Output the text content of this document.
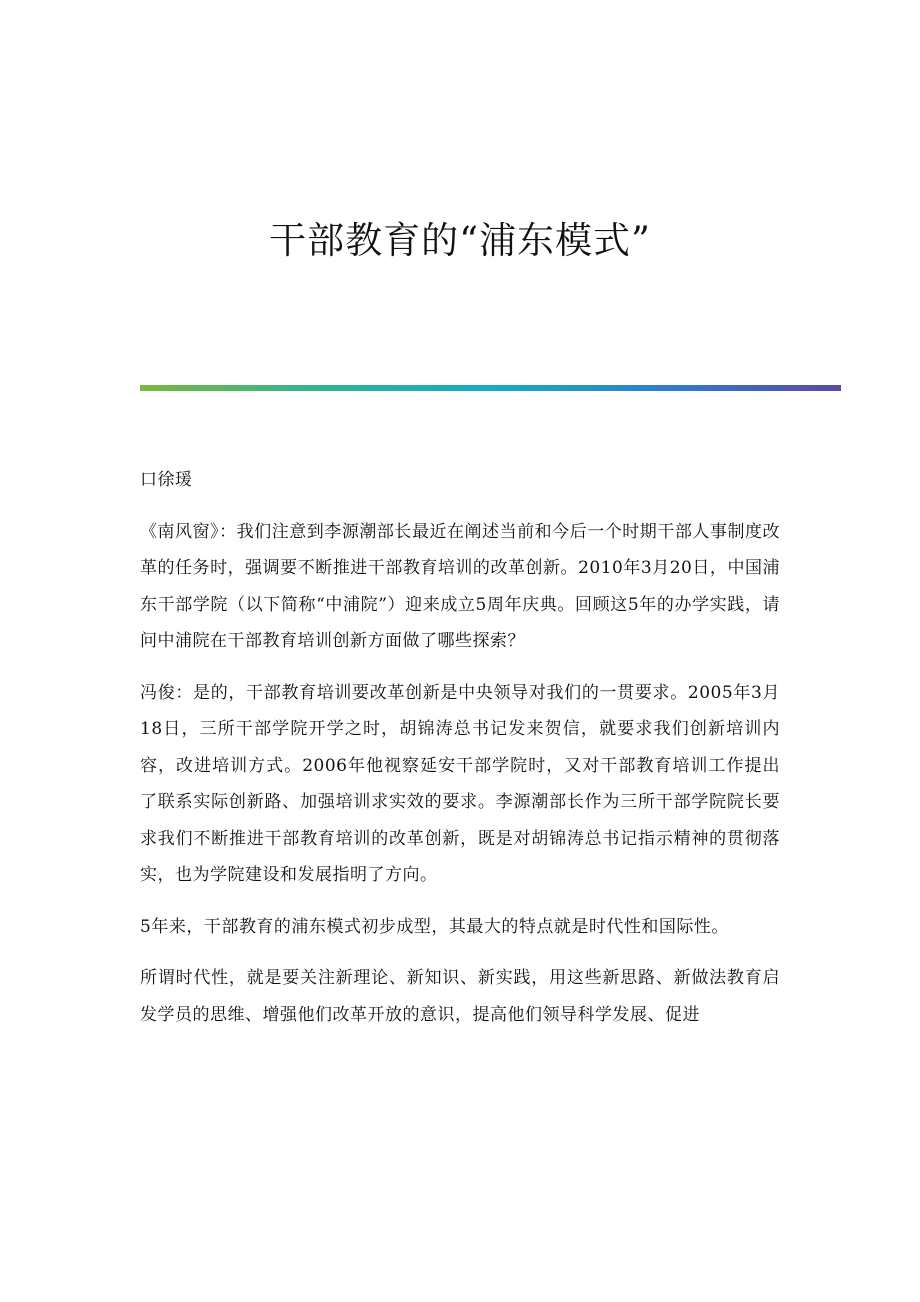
干部教育的“浦东模式”

口徐瑗

《南风窗》：我们注意到李源潮部长最近在阐述当前和今后一个时期干部人事制度改革的任务时，强调要不断推进干部教育培训的改革创新。2010年3月20日，中国浦东干部学院（以下简称“中浦院”）迎来成立5周年庆典。回顾这5年的办学实践，请问中浦院在干部教育培训创新方面做了哪些探索？

冯俊：是的，干部教育培训要改革创新是中央领导对我们的一贯要求。2005年3月18日，三所干部学院开学之时，胡锦涛总书记发来贺信，就要求我们创新培训内容，改进培训方式。2006年他视察延安干部学院时，又对干部教育培训工作提出了联系实际创新路、加强培训求实效的要求。李源潮部长作为三所干部学院院长要求我们不断推进干部教育培训的改革创新，既是对胡锦涛总书记指示精神的贯彻落实，也为学院建设和发展指明了方向。

5年来，干部教育的浦东模式初步成型，其最大的特点就是时代性和国际性。

所谓时代性，就是要关注新理论、新知识、新实践，用这些新思路、新做法教育启发学员的思维、增强他们改革开放的意识，提高他们领导科学发展、促进
